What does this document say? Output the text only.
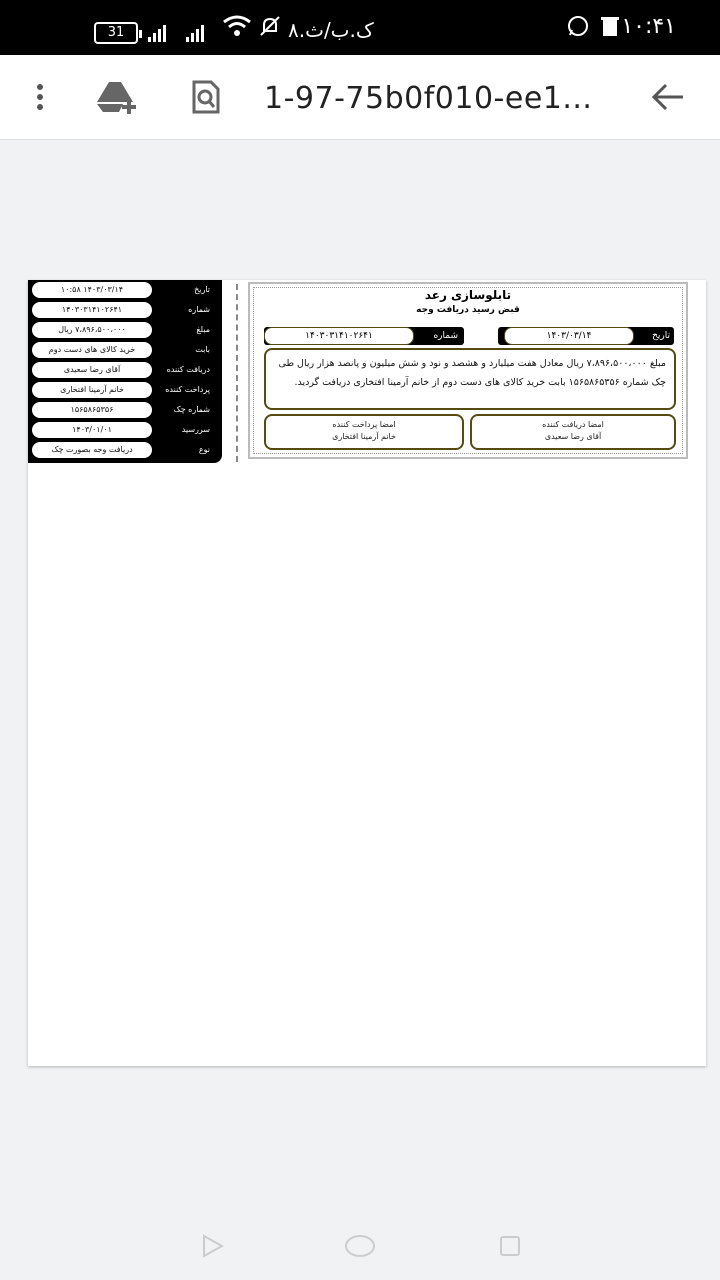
31	۸.ک.ب/ث	۱۰:۴۱
1-97-75b0f010-ee1...
۱۴۰۳/۰۳/۱۴ ۱۰:۵۸	تاریخ
۱۴۰۳۰۳۱۴۱۰۲۶۴۱	شماره
۷،۸۹۶،۵۰۰،۰۰۰ ریال	مبلغ
خرید کالای های دست دوم	بابت
آقای رضا سعیدی	دریافت کننده
خانم آرمینا افتخاری	پرداخت کننده
۱۵۶۵۸۶۵۳۵۶	شماره چک
۱۴۰۳/۰۱/۰۱	سررسید
دریافت وجه بصورت چک	نوع
تابلوسازی رعد
قبض رسید دریافت وجه
۱۴۰۳/۰۳/۱۴	تاریخ
۱۴۰۳۰۳۱۴۱۰۲۶۴۱	شماره
مبلغ ۷،۸۹۶،۵۰۰،۰۰۰ ریال معادل هفت میلیارد و هشصد و نود و شش میلیون و پانصد هزار ریال طی چک شماره ۱۵۶۵۸۶۵۳۵۶ بابت خرید کالای های دست دوم از خانم آرمینا افتخاری دریافت گردید.
امضا دریافت کننده
آقای رضا سعیدی
امضا پرداخت کننده
خانم آرمینا افتخاری
